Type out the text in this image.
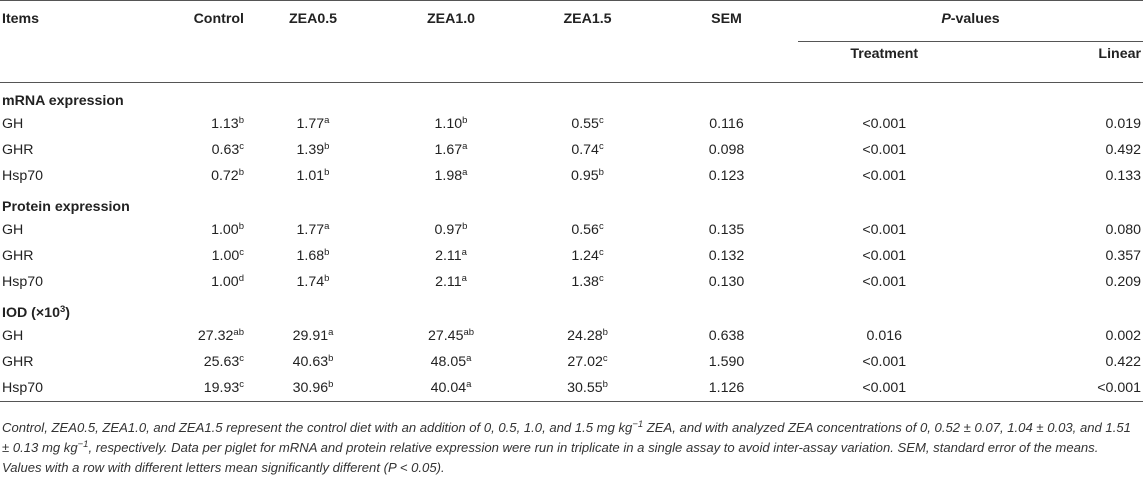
Items	Control	ZEA0.5	ZEA1.0	ZEA1.5	SEM	P-values	
						Treatment	Linear
mRNA expression							
GH	1.13$^b$	1.77$^a$	1.10$^b$	0.55$^c$	0.116	<0.001	0.019
GHR	0.63$^c$	1.39$^b$	1.67$^a$	0.74$^c$	0.098	<0.001	0.492
Hsp70	0.72$^b$	1.01$^b$	1.98$^a$	0.95$^b$	0.123	<0.001	0.133
Protein expression							
GH	1.00$^b$	1.77$^a$	0.97$^b$	0.56$^c$	0.135	<0.001	0.080
GHR	1.00$^c$	1.68$^b$	2.11$^a$	1.24$^c$	0.132	<0.001	0.357
Hsp70	1.00$^d$	1.74$^b$	2.11$^a$	1.38$^c$	0.130	<0.001	0.209
IOD $(\times 10^3)$							
GH	27.32$^{ab}$	29.91$^a$	27.45$^{ab}$	24.28$^b$	0.638	0.016	0.002
GHR	25.63$^c$	40.63$^b$	48.05$^a$	27.02$^c$	1.590	<0.001	0.422
Hsp70	19.93$^c$	30.96$^b$	40.04$^a$	30.55$^b$	1.126	<0.001	<0.001
Control, ZEA0.5, ZEA1.0, and ZEA1.5 represent the control diet with an addition of 0, 0.5, 1.0, and 1.5 mg $kg^{-1}$ ZEA, and with analyzed ZEA concentrations of 0, 0.52 ± 0.07, 1.04 ± 0.03, and 1.51 ± 0.13 mg $kg^{-1}$, respectively. Data per piglet for mRNA and protein relative expression were run in triplicate in a single assay to avoid inter-assay variation. SEM, standard error of the means. Values with a row with different letters mean significantly different (P < 0.05).
